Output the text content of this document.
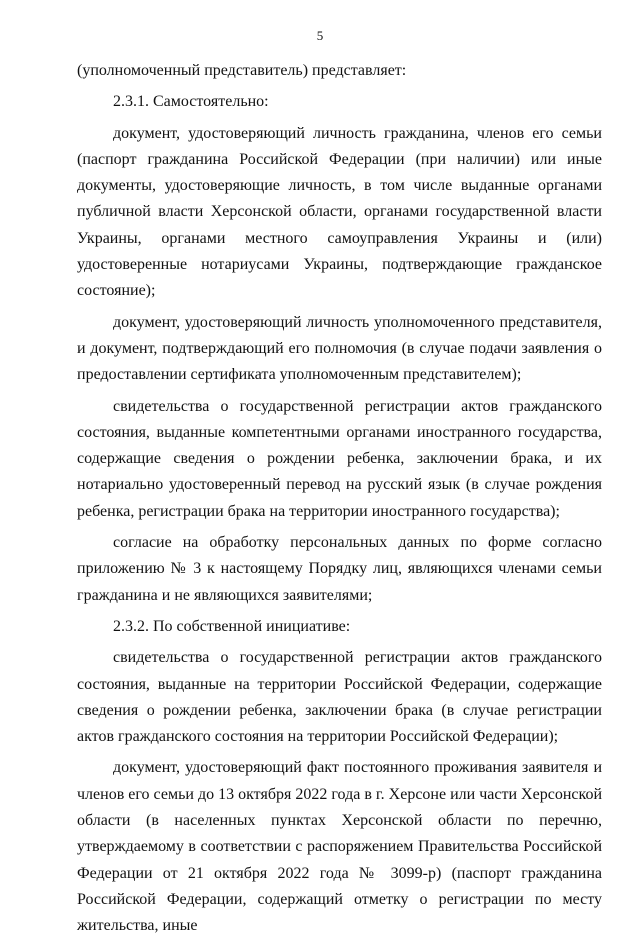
5

(уполномоченный представитель) представляет:

2.3.1. Самостоятельно:

документ, удостоверяющий личность гражданина, членов его семьи (паспорт гражданина Российской Федерации (при наличии) или иные документы, удостоверяющие личность, в том числе выданные органами публичной власти Херсонской области, органами государственной власти Украины, органами местного самоуправления Украины и (или) удостоверенные нотариусами Украины, подтверждающие гражданское состояние);

документ, удостоверяющий личность уполномоченного представителя, и документ, подтверждающий его полномочия (в случае подачи заявления о предоставлении сертификата уполномоченным представителем);

свидетельства о государственной регистрации актов гражданского состояния, выданные компетентными органами иностранного государства, содержащие сведения о рождении ребенка, заключении брака, и их нотариально удостоверенный перевод на русский язык (в случае рождения ребенка, регистрации брака на территории иностранного государства);

согласие на обработку персональных данных по форме согласно приложению № 3 к настоящему Порядку лиц, являющихся членами семьи гражданина и не являющихся заявителями;

2.3.2. По собственной инициативе:

свидетельства о государственной регистрации актов гражданского состояния, выданные на территории Российской Федерации, содержащие сведения о рождении ребенка, заключении брака (в случае регистрации актов гражданского состояния на территории Российской Федерации);

документ, удостоверяющий факт постоянного проживания заявителя и членов его семьи до 13 октября 2022 года в г. Херсоне или части Херсонской области (в населенных пунктах Херсонской области по перечню, утверждаемому в соответствии с распоряжением Правительства Российской Федерации от 21 октября 2022 года № 3099-р) (паспорт гражданина Российской Федерации, содержащий отметку о регистрации по месту жительства, иные
